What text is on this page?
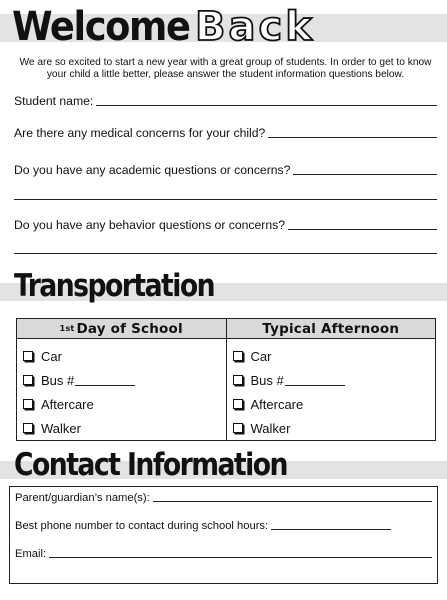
Welcome Back
We are so excited to start a new year with a great group of students. In order to get to know your child a little better, please answer the student information questions below.
Student name:
Are there any medical concerns for your child?
Do you have any academic questions or concerns?
Do you have any behavior questions or concerns?
Transportation
1st Day of School
Car
Bus #
Aftercare
Walker
Typical Afternoon
Car
Bus #
Aftercare
Walker
Contact Information
Parent/guardian’s name(s):
Best phone number to contact during school hours:
Email:
